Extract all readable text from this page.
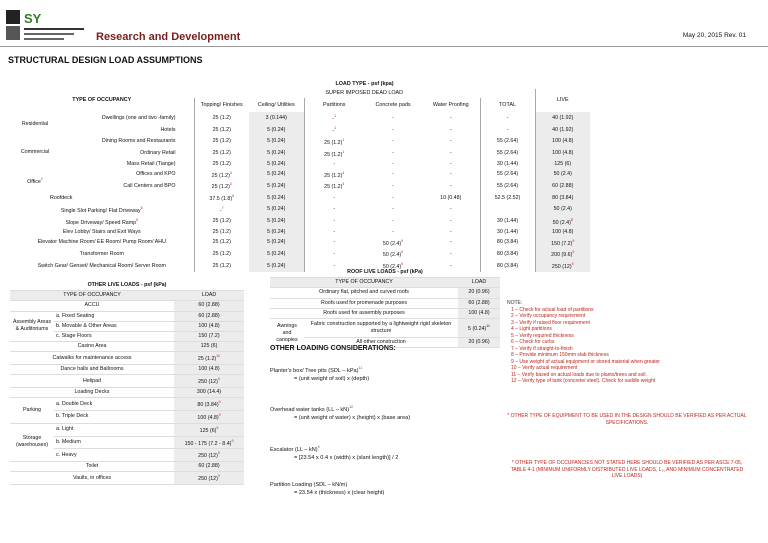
SY
Research and Development	May 20, 2015 Rev. 01
STRUCTURAL DESIGN LOAD ASSUMPTIONS
		LOAD TYPE - psf (kpa)						
TYPE OF OCCUPANCY		SUPER IMPOSED DEAD LOAD						LIVE
		Topping/ Finishes	Ceiling/ Utilities	Partitions	Concrete pads	Water Proofing	TOTAL	
Residential	Dwellings (one and two -family)	25 (1.2)	3 (0.144)	-$^1$	-	-	-	40 (1.92)
	Hotels	25 (1.2)	5 (0.24)	-$^1$	-	-	-	40 (1.92)
Commercial	Dining Rooms and Restaurants	25 (1.2)	5 (0.24)	25 $(1.2)^1$	-	-	55 (2.64)	100 (4.8)
	Ordinary Retail	25 (1.2)	5 (0.24)	25 $(1.2)^1$	-	-	55 (2.64)	100 (4.8)
	Mass Retail (Tiange)	25 (1.2)	5 (0.24)	-	-	-	30 (1.44)	125 (6)
Office$^2$	Offices and KPO	25 $(1.2)^3$	5 (0.24)	25 $(1.2)^4$	-	-	55 (2.64)	50 (2.4)
	Call Centers and BPO	25 $(1.2)^3$	5 (0.24)	25 $(1.2)^4$	-	-	55 (2.64)	60 (2.88)
Roofdeck		37.5 $(1.8)^5$	5 (0.24)	-	-	10 (0.48)	52.5 (2.52)	80 (3.84)
Single Slot Parking/ Flat Driveway$^6$		-$^7$	5 (0.24)	-	-	-		50 (2.4)
Slope Driveway/ Speed Ramp$^6$		25 (1.2)	5 (0.24)	-	-	-	30 (1.44)	50 $(2.4)^8$
Elev Lobby/ Stairs and Exit Ways		25 (1.2)	5 (0.24)	-	-	-	30 (1.44)	100 (4.8)
Elevator Machine Room/ EE Room/ Pump Room/ AHU		25 (1.2)	5 (0.24)	-	50 $(2.4)^9$	-	80 (3.84)	150 $(7.2)^9$
Transformer Room		25 (1.2)	5 (0.24)	-	50 $(2.4)^9$	-	80 (3.84)	200 $(9.6)^9$
Switch Gear/ Genset/ Mechanical Room/ Server Room		25 (1.2)	5 (0.24)	-	50 $(2.4)^9$	-	80 (3.84)	250 $(12)^9$
OTHER LIVE LOADS - psf (kPa)		
TYPE OF OCCUPANCY		LOAD
ACCU		60 (2.88)
Assembly Areas & Auditoriums	a. Fixed Seating	60 (2.88)
	b. Movable & Other Areas	100 (4.8)
	c. Stage Floors	150 (7.2)
Casino Area		125 (6)
Catwalks for maintenance access		25 $(1.2)^{10}$
Dance halls and Ballrooms		100 (4.8)
Helipad		250 $(12)^9$
Loading Decks		300 (14.4)
Parking	a. Double Deck	80 $(3.84)^9$
	b. Triple Deck	100 $(4.8)^9$
Storage (warehouses)	a. Light	125 $(6)^9$
	b. Medium	150 - 175 (7.2 - 8.4)$^9$
	c. Heavy	250 $(12)^9$
Toilet		60 (2.88)
Vaults, in offices		250 $(12)^9$
ROOF LIVE LOADS - psf (kPa)		
TYPE OF OCCUPANCY		LOAD
Ordinary flat, pitched and curved roofs		20 (0.96)
Roofs used for promenade purposes		60 (2.88)
Roofs used for assembly purposes		100 (4.8)
Awnings and canopies	Fabric construction supported by a lightweight rigid skeleton structure	5 $(0.24)^{11}$
	All other construction	20 (0.96)
OTHER LOADING CONSIDERATIONS:
Planter's box/ Tree pits (SDL – kPa)$^{11}$
= (unit weight of soil) x (depth)
Overhead water tanks (LL – kN)$^{12}$
= (unit weight of water) x (height) x (base area)
Escalator (LL – kN)$^9$
= [23.54 x 0.4 x (width) x (slant length)] / 2
Partition Loading (SDL – kN/m)
= 23.54 x (thickness) x (clear height)
NOTE:
1 – Check for actual load of partitions
2 – Verify occupancy requirement
3 – Verify if raised floor requirement
4 – Light partitions
5 – Verify required thickness
6 – Check for curbs
7 – Verify if straight-to-finish
8 – Provide minimum 150mm slab thickness
9 – Use weight of actual equipment or stored material when greater
10 – Verify actual requirement
11 – Verify based on actual loads due to plants/trees and soil.
12 – Verify type of tank (concrete/ steel). Check for saddle weight
* OTHER TYPE OF EQUIPMENT TO BE USED IN THE DESIGN SHOULD BE VERIFIED AS PER ACTUAL SPECIFICATIONS.
* OTHER TYPE OF OCCUPANCIES NOT STATED HERE SHOULD BE VERIFIED AS PER ASCE 7-05, TABLE 4-1 (MINIMUM UNIFORMLY DISTRIBUTED LIVE LOADS, L₀, AND MINIMUM CONCENTRATED LIVE LOADS)
